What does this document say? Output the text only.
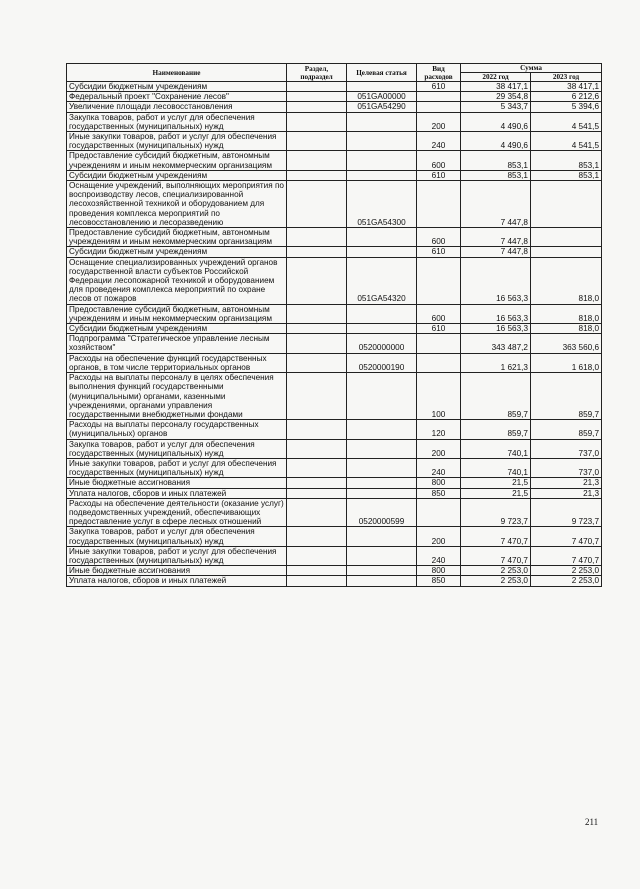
Наименование	Раздел, подраздел	Целевая статья	Вид расходов	Сумма	
				2022 год	2023 год
Субсидии бюджетным учреждениям			610	38 417,1	38 417,1
Федеральный проект "Сохранение лесов"		051GA00000		29 354,8	6 212,6
Увеличение площади лесовосстановления		051GA54290		5 343,7	5 394,6
Закупка товаров, работ и услуг для обеспечения государственных (муниципальных) нужд			200	4 490,6	4 541,5
Иные закупки товаров, работ и услуг для обеспечения государственных (муниципальных) нужд			240	4 490,6	4 541,5
Предоставление субсидий бюджетным, автономным учреждениям и иным некоммерческим организациям			600	853,1	853,1
Субсидии бюджетным учреждениям			610	853,1	853,1
Оснащение учреждений, выполняющих мероприятия по воспроизводству лесов, специализированной лесохозяйственной техникой и оборудованием для проведения комплекса мероприятий по лесовосстановлению и лесоразведению		051GA54300		7 447,8	
Предоставление субсидий бюджетным, автономным учреждениям и иным некоммерческим организациям			600	7 447,8	
Субсидии бюджетным учреждениям			610	7 447,8	
Оснащение специализированных учреждений органов государственной власти субъектов Российской Федерации лесопожарной техникой и оборудованием для проведения комплекса мероприятий по охране лесов от пожаров		051GA54320		16 563,3	818,0
Предоставление субсидий бюджетным, автономным учреждениям и иным некоммерческим организациям			600	16 563,3	818,0
Субсидии бюджетным учреждениям			610	16 563,3	818,0
Подпрограмма "Стратегическое управление лесным хозяйством"		0520000000		343 487,2	363 560,6
Расходы на обеспечение функций государственных органов, в том числе территориальных органов		0520000190		1 621,3	1 618,0
Расходы на выплаты персоналу в целях обеспечения выполнения функций государственными (муниципальными) органами, казенными учреждениями, органами управления государственными внебюджетными фондами			100	859,7	859,7
Расходы на выплаты персоналу государственных (муниципальных) органов			120	859,7	859,7
Закупка товаров, работ и услуг для обеспечения государственных (муниципальных) нужд			200	740,1	737,0
Иные закупки товаров, работ и услуг для обеспечения государственных (муниципальных) нужд			240	740,1	737,0
Иные бюджетные ассигнования			800	21,5	21,3
Уплата налогов, сборов и иных платежей			850	21,5	21,3
Расходы на обеспечение деятельности (оказание услуг) подведомственных учреждений, обеспечивающих предоставление услуг в сфере лесных отношений		0520000599		9 723,7	9 723,7
Закупка товаров, работ и услуг для обеспечения государственных (муниципальных) нужд			200	7 470,7	7 470,7
Иные закупки товаров, работ и услуг для обеспечения государственных (муниципальных) нужд			240	7 470,7	7 470,7
Иные бюджетные ассигнования			800	2 253,0	2 253,0
Уплата налогов, сборов и иных платежей			850	2 253,0	2 253,0
211
